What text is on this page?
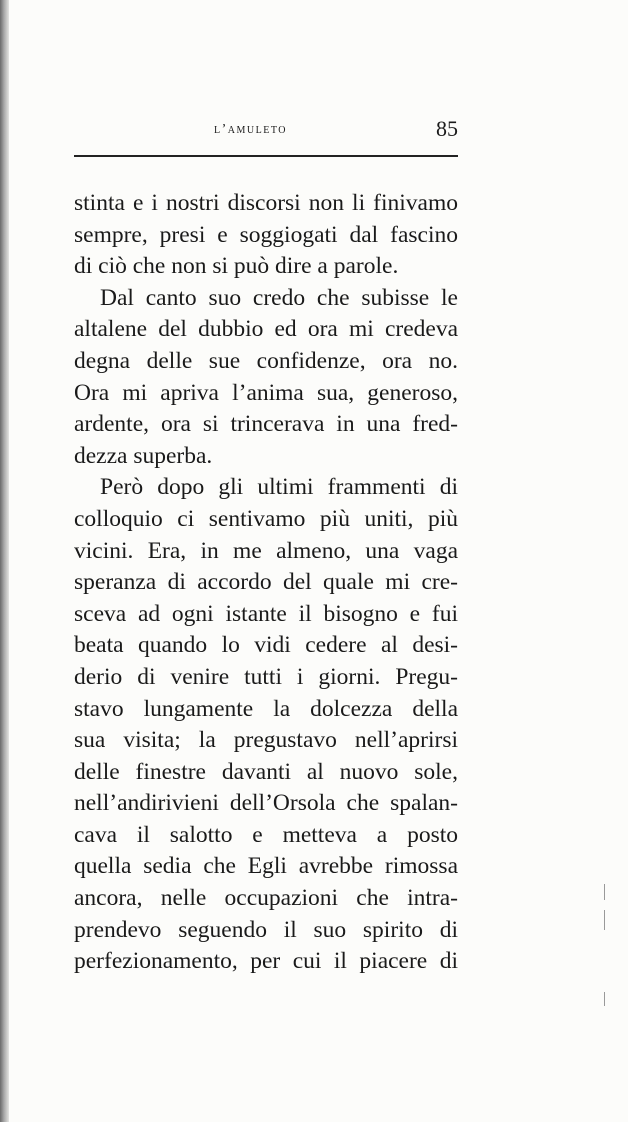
l’amuleto	85
stinta e i nostri discorsi non li finivamo
sempre, presi e soggiogati dal fascino
di ciò che non si può dire a parole.
Dal canto suo credo che subisse le
altalene del dubbio ed ora mi credeva
degna delle sue confidenze, ora no.
Ora mi apriva l’anima sua, generoso,
ardente, ora si trincerava in una fred-
dezza superba.
Però dopo gli ultimi frammenti di
colloquio ci sentivamo più uniti, più
vicini. Era, in me almeno, una vaga
speranza di accordo del quale mi cre-
sceva ad ogni istante il bisogno e fui
beata quando lo vidi cedere al desi-
derio di venire tutti i giorni. Pregu-
stavo lungamente la dolcezza della
sua visita; la pregustavo nell’aprirsi
delle finestre davanti al nuovo sole,
nell’andirivieni dell’Orsola che spalan-
cava il salotto e metteva a posto
quella sedia che Egli avrebbe rimossa
ancora, nelle occupazioni che intra-
prendevo seguendo il suo spirito di
perfezionamento, per cui il piacere di
